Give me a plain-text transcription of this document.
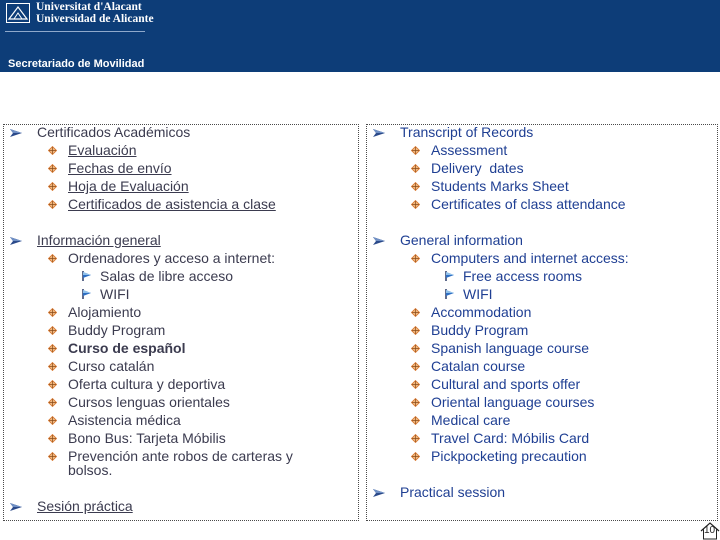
Universitat d'Alacant
Universidad de Alicante
Secretariado de Movilidad
Certificados Académicos
Evaluación
Fechas de envío
Hoja de Evaluación
Certificados de asistencia a clase
Información general
Ordenadores y acceso a internet:
Salas de libre acceso
WIFI
Alojamiento
Buddy Program
Curso de español
Curso catalán
Oferta cultura y deportiva
Cursos lenguas orientales
Asistencia médica
Bono Bus: Tarjeta Móbilis
Prevención ante robos de carteras y
bolsos.
Sesión práctica
Transcript of Records
Assessment
Delivery  dates
Students Marks Sheet
Certificates of class attendance
General information
Computers and internet access:
Free access rooms
WIFI
Accommodation
Buddy Program
Spanish language course
Catalan course
Cultural and sports offer
Oriental language courses
Medical care
Travel Card: Móbilis Card
Pickpocketing precaution
Practical session
10
